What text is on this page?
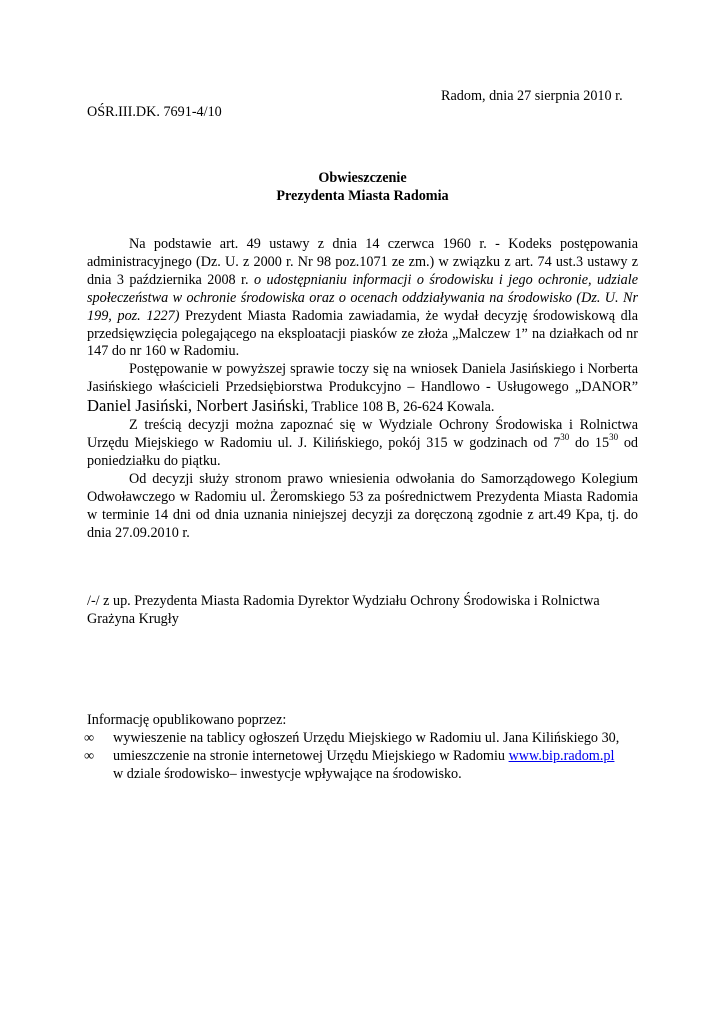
Radom, dnia 27 sierpnia 2010 r.
OŚR.III.DK. 7691-4/10
Obwieszczenie
Prezydenta Miasta Radomia

Na podstawie art. 49 ustawy z dnia 14 czerwca 1960 r. - Kodeks postępowania administracyjnego (Dz. U. z 2000 r. Nr 98 poz.1071 ze zm.) w związku z art. 74 ust.3 ustawy z dnia 3 października 2008 r. o udostępnianiu informacji o środowisku i jego ochronie, udziale społeczeństwa w ochronie środowiska oraz o ocenach oddziaływania na środowisko (Dz. U. Nr 199, poz. 1227) Prezydent Miasta Radomia zawiadamia, że wydał decyzję środowiskową dla przedsięwzięcia polegającego na eksploatacji piasków ze złoża „Malczew 1” na działkach od nr 147 do nr 160 w Radomiu.

Postępowanie w powyższej sprawie toczy się na wniosek Daniela Jasińskiego i Norberta Jasińskiego właścicieli Przedsiębiorstwa Produkcyjno – Handlowo - Usługowego „DANOR” Daniel Jasiński, Norbert Jasiński, Trablice 108 B, 26-624 Kowala.

Z treścią decyzji można zapoznać się w Wydziale Ochrony Środowiska i Rolnictwa Urzędu Miejskiego w Radomiu ul. J. Kilińskiego, pokój 315 w godzinach od $7^{30}$ do $15^{30}$ od poniedziałku do piątku.

Od decyzji służy stronom prawo wniesienia odwołania do Samorządowego Kolegium Odwoławczego w Radomiu ul. Żeromskiego 53 za pośrednictwem Prezydenta Miasta Radomia w terminie 14 dni od dnia uznania niniejszej decyzji za doręczoną zgodnie z art.49 Kpa, tj. do dnia 27.09.2010 r.

/-/ z up. Prezydenta Miasta Radomia Dyrektor Wydziału Ochrony Środowiska i Rolnictwa
Grażyna Krugły
Informację opublikowano poprzez:
∞ wywieszenie na tablicy ogłoszeń Urzędu Miejskiego w Radomiu ul. Jana Kilińskiego 30,
∞ umieszczenie na stronie internetowej Urzędu Miejskiego w Radomiu www.bip.radom.pl
w dziale środowisko– inwestycje wpływające na środowisko.
